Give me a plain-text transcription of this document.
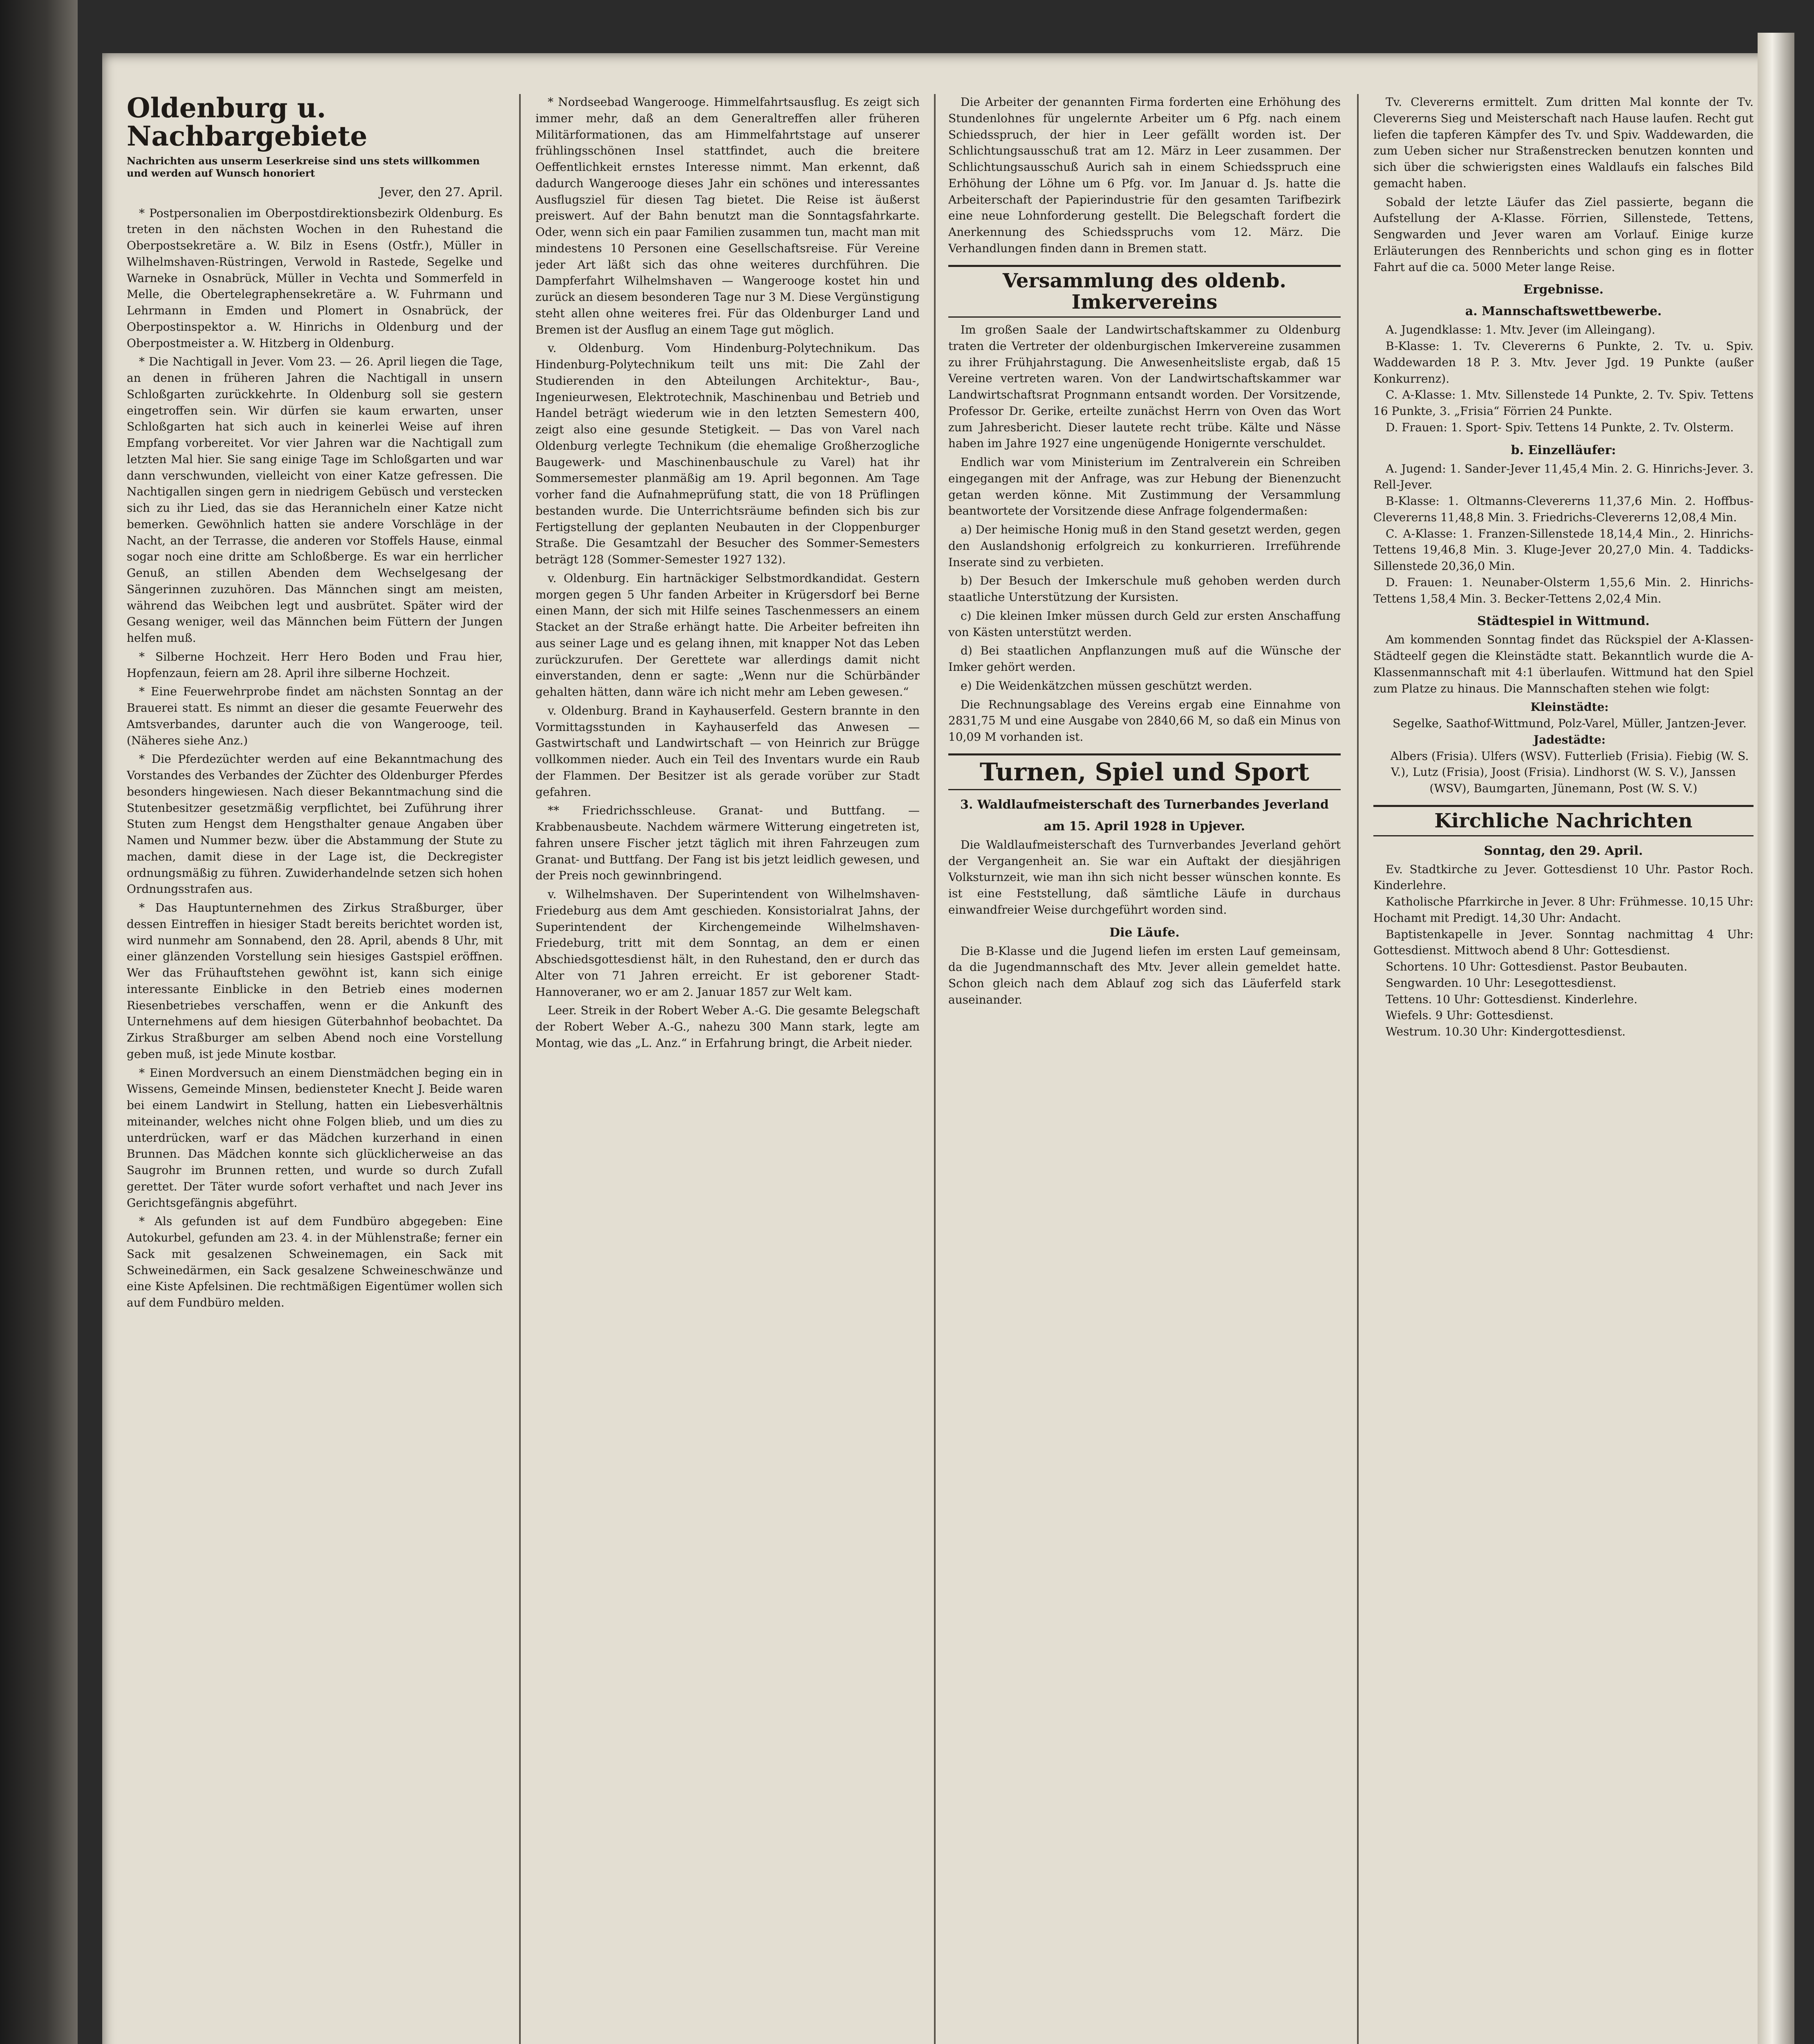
Oldenburg u. Nachbargebiete
Nachrichten aus unserm Leserkreise sind uns stets willkommen und werden auf Wunsch honoriert
Jever, den 27. April.

* Postpersonalien im Oberpostdirektionsbezirk Oldenburg. Es treten in den nächsten Wochen in den Ruhestand die Oberpostsekretäre a. W. Bilz in Esens (Ostfr.), Müller in Wilhelmshaven-Rüstringen, Verwold in Rastede, Segelke und Warneke in Osnabrück, Müller in Vechta und Sommerfeld in Melle, die Obertelegraphensekretäre a. W. Fuhrmann und Lehrmann in Emden und Plomert in Osnabrück, der Oberpostinspektor a. W. Hinrichs in Oldenburg und der Oberpostmeister a. W. Hitzberg in Oldenburg.

* Die Nachtigall in Jever. Vom 23. — 26. April liegen die Tage, an denen in früheren Jahren die Nachtigall in unsern Schloßgarten zurückkehrte. In Oldenburg soll sie gestern eingetroffen sein. Wir dürfen sie kaum erwarten, unser Schloßgarten hat sich auch in keinerlei Weise auf ihren Empfang vorbereitet. Vor vier Jahren war die Nachtigall zum letzten Mal hier. Sie sang einige Tage im Schloßgarten und war dann verschwunden, vielleicht von einer Katze gefressen. Die Nachtigallen singen gern in niedrigem Gebüsch und verstecken sich zu ihr Lied, das sie das Herannicheln einer Katze nicht bemerken. Gewöhnlich hatten sie andere Vorschläge in der Nacht, an der Terrasse, die anderen vor Stoffels Hause, einmal sogar noch eine dritte am Schloßberge. Es war ein herrlicher Genuß, an stillen Abenden dem Wechselgesang der Sängerinnen zuzuhören. Das Männchen singt am meisten, während das Weibchen legt und ausbrütet. Später wird der Gesang weniger, weil das Männchen beim Füttern der Jungen helfen muß.

* Silberne Hochzeit. Herr Hero Boden und Frau hier, Hopfenzaun, feiern am 28. April ihre silberne Hochzeit.

* Eine Feuerwehrprobe findet am nächsten Sonntag an der Brauerei statt. Es nimmt an dieser die gesamte Feuerwehr des Amtsverbandes, darunter auch die von Wangerooge, teil. (Näheres siehe Anz.)

* Die Pferdezüchter werden auf eine Bekanntmachung des Vorstandes des Verbandes der Züchter des Oldenburger Pferdes besonders hingewiesen. Nach dieser Bekanntmachung sind die Stutenbesitzer gesetzmäßig verpflichtet, bei Zuführung ihrer Stuten zum Hengst dem Hengsthalter genaue Angaben über Namen und Nummer bezw. über die Abstammung der Stute zu machen, damit diese in der Lage ist, die Deckregister ordnungsmäßig zu führen. Zuwiderhandelnde setzen sich hohen Ordnungsstrafen aus.

* Das Hauptunternehmen des Zirkus Straßburger, über dessen Eintreffen in hiesiger Stadt bereits berichtet worden ist, wird nunmehr am Sonnabend, den 28. April, abends 8 Uhr, mit einer glänzenden Vorstellung sein hiesiges Gastspiel eröffnen. Wer das Frühauftstehen gewöhnt ist, kann sich einige interessante Einblicke in den Betrieb eines modernen Riesenbetriebes verschaffen, wenn er die Ankunft des Unternehmens auf dem hiesigen Güterbahnhof beobachtet. Da Zirkus Straßburger am selben Abend noch eine Vorstellung geben muß, ist jede Minute kostbar.

* Einen Mordversuch an einem Dienstmädchen beging ein in Wissens, Gemeinde Minsen, bediensteter Knecht J. Beide waren bei einem Landwirt in Stellung, hatten ein Liebesverhältnis miteinander, welches nicht ohne Folgen blieb, und um dies zu unterdrücken, warf er das Mädchen kurzerhand in einen Brunnen. Das Mädchen konnte sich glücklicherweise an das Saugrohr im Brunnen retten, und wurde so durch Zufall gerettet. Der Täter wurde sofort verhaftet und nach Jever ins Gerichtsgefängnis abgeführt.

* Als gefunden ist auf dem Fundbüro abgegeben: Eine Autokurbel, gefunden am 23. 4. in der Mühlenstraße; ferner ein Sack mit gesalzenen Schweinemagen, ein Sack mit Schweinedärmen, ein Sack gesalzene Schweineschwänze und eine Kiste Apfelsinen. Die rechtmäßigen Eigentümer wollen sich auf dem Fundbüro melden.

* Nordseebad Wangerooge. Himmelfahrtsausflug. Es zeigt sich immer mehr, daß an dem Generaltreffen aller früheren Militärformationen, das am Himmelfahrtstage auf unserer frühlingsschönen Insel stattfindet, auch die breitere Oeffentlichkeit ernstes Interesse nimmt. Man erkennt, daß dadurch Wangerooge dieses Jahr ein schönes und interessantes Ausflugsziel für diesen Tag bietet. Die Reise ist äußerst preiswert. Auf der Bahn benutzt man die Sonntagsfahrkarte. Oder, wenn sich ein paar Familien zusammen tun, macht man mit mindestens 10 Personen eine Gesellschaftsreise. Für Vereine jeder Art läßt sich das ohne weiteres durchführen. Die Dampferfahrt Wilhelmshaven — Wangerooge kostet hin und zurück an diesem besonderen Tage nur 3 M. Diese Vergünstigung steht allen ohne weiteres frei. Für das Oldenburger Land und Bremen ist der Ausflug an einem Tage gut möglich.

v. Oldenburg. Vom Hindenburg-Polytechnikum. Das Hindenburg-Polytechnikum teilt uns mit: Die Zahl der Studierenden in den Abteilungen Architektur-, Bau-, Ingenieurwesen, Elektrotechnik, Maschinenbau und Betrieb und Handel beträgt wiederum wie in den letzten Semestern 400, zeigt also eine gesunde Stetigkeit. — Das von Varel nach Oldenburg verlegte Technikum (die ehemalige Großherzogliche Baugewerk- und Maschinenbauschule zu Varel) hat ihr Sommersemester planmäßig am 19. April begonnen. Am Tage vorher fand die Aufnahmeprüfung statt, die von 18 Prüflingen bestanden wurde. Die Unterrichtsräume befinden sich bis zur Fertigstellung der geplanten Neubauten in der Cloppenburger Straße. Die Gesamtzahl der Besucher des Sommer-Semesters beträgt 128 (Sommer-Semester 1927 132).

v. Oldenburg. Ein hartnäckiger Selbstmordkandidat. Gestern morgen gegen 5 Uhr fanden Arbeiter in Krügersdorf bei Berne einen Mann, der sich mit Hilfe seines Taschenmessers an einem Stacket an der Straße erhängt hatte. Die Arbeiter befreiten ihn aus seiner Lage und es gelang ihnen, mit knapper Not das Leben zurückzurufen. Der Gerettete war allerdings damit nicht einverstanden, denn er sagte: „Wenn nur die Schürbänder gehalten hätten, dann wäre ich nicht mehr am Leben gewesen.“

v. Oldenburg. Brand in Kayhauserfeld. Gestern brannte in den Vormittagsstunden in Kayhauserfeld das Anwesen — Gastwirtschaft und Landwirtschaft — von Heinrich zur Brügge vollkommen nieder. Auch ein Teil des Inventars wurde ein Raub der Flammen. Der Besitzer ist als gerade vorüber zur Stadt gefahren.

** Friedrichsschleuse. Granat- und Buttfang. — Krabbenausbeute. Nachdem wärmere Witterung eingetreten ist, fahren unsere Fischer jetzt täglich mit ihren Fahrzeugen zum Granat- und Buttfang. Der Fang ist bis jetzt leidlich gewesen, und der Preis noch gewinnbringend.

v. Wilhelmshaven. Der Superintendent von Wilhelmshaven-Friedeburg aus dem Amt geschieden. Konsistorialrat Jahns, der Superintendent der Kirchengemeinde Wilhelmshaven-Friedeburg, tritt mit dem Sonntag, an dem er einen Abschiedsgottesdienst hält, in den Ruhestand, den er durch das Alter von 71 Jahren erreicht. Er ist geborener Stadt-Hannoveraner, wo er am 2. Januar 1857 zur Welt kam.

Leer. Streik in der Robert Weber A.-G. Die gesamte Belegschaft der Robert Weber A.-G., nahezu 300 Mann stark, legte am Montag, wie das „L. Anz.“ in Erfahrung bringt, die Arbeit nieder.

Die Arbeiter der genannten Firma forderten eine Erhöhung des Stundenlohnes für ungelernte Arbeiter um 6 Pfg. nach einem Schiedsspruch, der hier in Leer gefällt worden ist. Der Schlichtungsausschuß trat am 12. März in Leer zusammen. Der Schlichtungsausschuß Aurich sah in einem Schiedsspruch eine Erhöhung der Löhne um 6 Pfg. vor. Im Januar d. Js. hatte die Arbeiterschaft der Papierindustrie für den gesamten Tarifbezirk eine neue Lohnforderung gestellt. Die Belegschaft fordert die Anerkennung des Schiedsspruchs vom 12. März. Die Verhandlungen finden dann in Bremen statt.

Versammlung des oldenb. Imkervereins

Im großen Saale der Landwirtschaftskammer zu Oldenburg traten die Vertreter der oldenburgischen Imkervereine zusammen zu ihrer Frühjahrstagung. Die Anwesenheitsliste ergab, daß 15 Vereine vertreten waren. Von der Landwirtschaftskammer war Landwirtschaftsrat Prognmann entsandt worden. Der Vorsitzende, Professor Dr. Gerike, erteilte zunächst Herrn von Oven das Wort zum Jahresbericht. Dieser lautete recht trübe. Kälte und Nässe haben im Jahre 1927 eine ungenügende Honigernte verschuldet.

Endlich war vom Ministerium im Zentralverein ein Schreiben eingegangen mit der Anfrage, was zur Hebung der Bienenzucht getan werden könne. Mit Zustimmung der Versammlung beantwortete der Vorsitzende diese Anfrage folgendermaßen:

a) Der heimische Honig muß in den Stand gesetzt werden, gegen den Auslandshonig erfolgreich zu konkurrieren. Irreführende Inserate sind zu verbieten.

b) Der Besuch der Imkerschule muß gehoben werden durch staatliche Unterstützung der Kursisten.

c) Die kleinen Imker müssen durch Geld zur ersten Anschaffung von Kästen unterstützt werden.

d) Bei staatlichen Anpflanzungen muß auf die Wünsche der Imker gehört werden.

e) Die Weidenkätzchen müssen geschützt werden.

Die Rechnungsablage des Vereins ergab eine Einnahme von 2831,75 M und eine Ausgabe von 2840,66 M, so daß ein Minus von 10,09 M vorhanden ist.

Turnen, Spiel und Sport
3. Waldlaufmeisterschaft des Turnerbandes Jeverland
am 15. April 1928 in Upjever.

Die Waldlaufmeisterschaft des Turnverbandes Jeverland gehört der Vergangenheit an. Sie war ein Auftakt der diesjährigen Volksturnzeit, wie man ihn sich nicht besser wünschen konnte. Es ist eine Feststellung, daß sämtliche Läufe in durchaus einwandfreier Weise durchgeführt worden sind.

Die Läufe.

Die B-Klasse und die Jugend liefen im ersten Lauf gemeinsam, da die Jugendmannschaft des Mtv. Jever allein gemeldet hatte. Schon gleich nach dem Ablauf zog sich das Läuferfeld stark auseinander.

Tv. Clevererns ermittelt. Zum dritten Mal konnte der Tv. Clevererns Sieg und Meisterschaft nach Hause laufen. Recht gut liefen die tapferen Kämpfer des Tv. und Spiv. Waddewarden, die zum Ueben sicher nur Straßenstrecken benutzen konnten und sich über die schwierigsten eines Waldlaufs ein falsches Bild gemacht haben.

Sobald der letzte Läufer das Ziel passierte, begann die Aufstellung der A-Klasse. Förrien, Sillenstede, Tettens, Sengwarden und Jever waren am Vorlauf. Einige kurze Erläuterungen des Rennberichts und schon ging es in flotter Fahrt auf die ca. 5000 Meter lange Reise.

Ergebnisse.
a. Mannschaftswettbewerbe.

A. Jugendklasse: 1. Mtv. Jever (im Alleingang).

B-Klasse: 1. Tv. Clevererns 6 Punkte, 2. Tv. u. Spiv. Waddewarden 18 P. 3. Mtv. Jever Jgd. 19 Punkte (außer Konkurrenz).

C. A-Klasse: 1. Mtv. Sillenstede 14 Punkte, 2. Tv. Spiv. Tettens 16 Punkte, 3. „Frisia“ Förrien 24 Punkte.

D. Frauen: 1. Sport- Spiv. Tettens 14 Punkte, 2. Tv. Olsterm.

b. Einzelläufer:

A. Jugend: 1. Sander-Jever 11,45,4 Min. 2. G. Hinrichs-Jever. 3. Rell-Jever.

B-Klasse: 1. Oltmanns-Clevererns 11,37,6 Min. 2. Hoffbus-Clevererns 11,48,8 Min. 3. Friedrichs-Clevererns 12,08,4 Min.

C. A-Klasse: 1. Franzen-Sillenstede 18,14,4 Min., 2. Hinrichs-Tettens 19,46,8 Min. 3. Kluge-Jever 20,27,0 Min. 4. Taddicks-Sillenstede 20,36,0 Min.

D. Frauen: 1. Neunaber-Olsterm 1,55,6 Min. 2. Hinrichs-Tettens 1,58,4 Min. 3. Becker-Tettens 2,02,4 Min.

Städtespiel in Wittmund.

Am kommenden Sonntag findet das Rückspiel der A-Klassen-Städteelf gegen die Kleinstädte statt. Bekanntlich wurde die A-Klassenmannschaft mit 4:1 überlaufen. Wittmund hat den Spiel zum Platze zu hinaus. Die Mannschaften stehen wie folgt:

Kleinstädte:

Segelke, Saathof-Wittmund, Polz-Varel, Müller, Jantzen-Jever.

Jadestädte:

Albers (Frisia). Ulfers (WSV). Futterlieb (Frisia). Fiebig (W. S. V.), Lutz (Frisia), Joost (Frisia). Lindhorst (W. S. V.), Janssen (WSV), Baumgarten, Jünemann, Post (W. S. V.)

Kirchliche Nachrichten
Sonntag, den 29. April.

Ev. Stadtkirche zu Jever. Gottesdienst 10 Uhr. Pastor Roch. Kinderlehre.

Katholische Pfarrkirche in Jever. 8 Uhr: Frühmesse. 10,15 Uhr: Hochamt mit Predigt. 14,30 Uhr: Andacht.

Baptistenkapelle in Jever. Sonntag nachmittag 4 Uhr: Gottesdienst. Mittwoch abend 8 Uhr: Gottesdienst.

Schortens. 10 Uhr: Gottesdienst. Pastor Beubauten.

Sengwarden. 10 Uhr: Lesegottesdienst.

Tettens. 10 Uhr: Gottesdienst. Kinderlehre.

Wiefels. 9 Uhr: Gottesdienst.

Westrum. 10.30 Uhr: Kindergottesdienst.
